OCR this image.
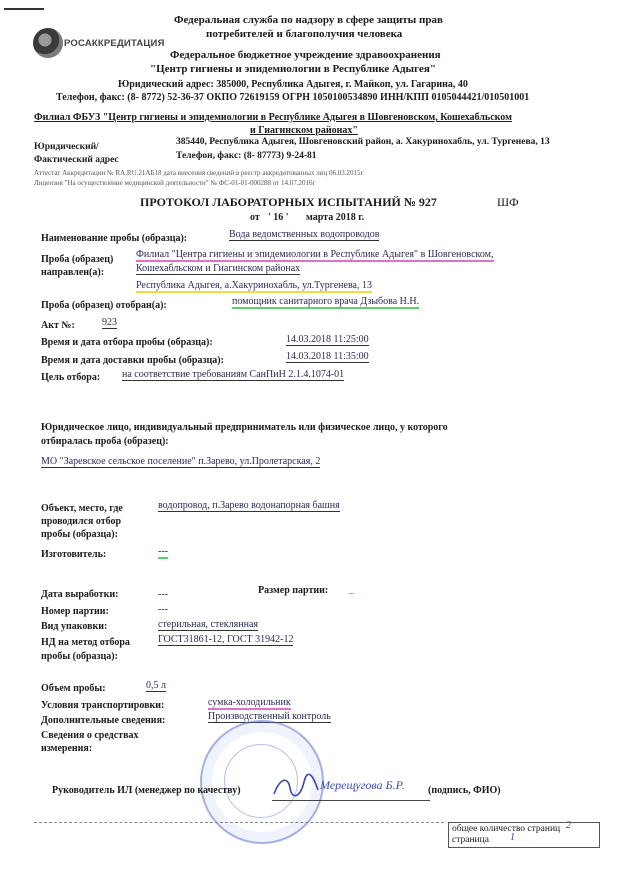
РОСАККРЕДИТАЦИЯ
Федеральная служба по надзору в сфере защиты прав
потребителей и благополучия человека
Федеральное бюджетное учреждение здравоохранения
"Центр гигиены и эпидемиологии в Республике Адыгея"
Юридический адрес: 385000, Республика Адыгея, г. Майкоп, ул. Гагарина, 40
Телефон, факс: (8- 8772) 52-36-37 ОКПО 72619159 ОГРН 1050100534890 ИНН/КПП 0105044421/010501001
Филиал ФБУЗ "Центр гигиены и эпидемиологии в Республике Адыгея в Шовгеновском, Кошехабльском
и Гиагинском районах"
Юридический/
Фактический адрес
385440, Республика Адыгея, Шовгеновский район, а. Хакуринохабль, ул. Тургенева, 13
Телефон, факс: (8- 87773) 9-24-81
Аттестат Аккредитации № RA.RU.21АБ18 дата внесения сведений в реестр аккредитованных лиц 06.03.2015г
Лицензия "На осуществление медицинской деятельности" № ФС-01-01-000288 от 14.07.2016г
ПРОТОКОЛ ЛАБОРАТОРНЫХ ИСПЫТАНИЙ № 927	ШФ
от ' 16 ' марта 2018 г.
Наименование пробы (образца):	Вода ведомственных водопроводов
Проба (образец)
направлен(а):
Филиал "Центра гигиены и эпидемиологии в Республике Адыгея" в Шовгеновском,
Кошехабльском и Гиагинском районах
Республика Адыгея, а.Хакуринохабль, ул.Тургенева, 13
Проба (образец) отобран(а):	помощник санитарного врача Дзыбова Н.Н.
Акт №:	923
Время и дата отбора пробы (образца):	14.03.2018 11:25:00
Время и дата доставки пробы (образца):	14.03.2018 11:35:00
Цель отбора: на соответствие требованиям СанПиН 2.1.4.1074-01
Юридическое лицо, индивидуальный предприниматель или физическое лицо, у которого
отбиралась проба (образец):
МО "Заревское сельское поселение" п.Зарево, ул.Пролетарская, 2
Объект, место, где
проводился отбор
пробы (образца):
водопровод, п.Зарево водонапорная башня
Изготовитель:	---
Дата выработки:	---	Размер партии: _
Номер партии:	---
Вид упаковки:	стерильная, стеклянная
НД на метод отбора
пробы (образца):
ГОСТ31861-12, ГОСТ 31942-12
Объем пробы:	0,5 л
Условия транспортировки:	сумка-холодильник
Дополнительные сведения:	Производственный контроль
Сведения о средствах
измерения:
Руководитель ИЛ (менеджер по качеству)	Мерещугова Б.Р. (подпись, ФИО)
общее количество страниц 2
страница 1
